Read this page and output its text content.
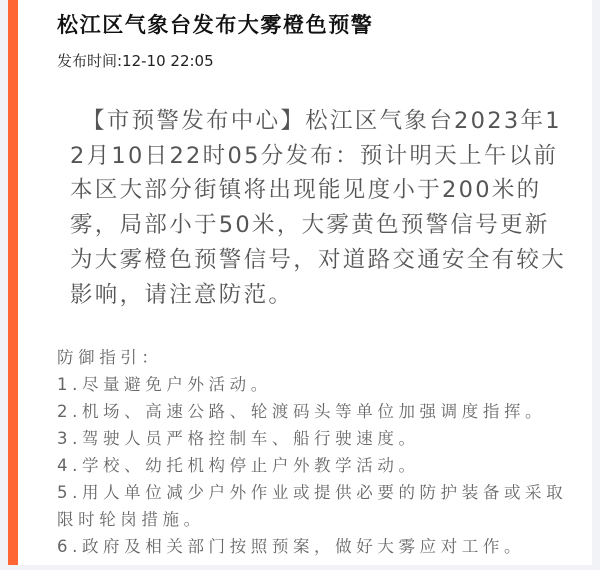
松江区气象台发布大雾橙色预警
发布时间:12-10 22:05
【市预警发布中心】松江区气象台2023年12月10日22时05分发布：预计明天上午以前本区大部分街镇将出现能见度小于200米的雾，局部小于50米，大雾黄色预警信号更新为大雾橙色预警信号，对道路交通安全有较大影响，请注意防范。

防御指引：

1.尽量避免户外活动。

2.机场、高速公路、轮渡码头等单位加强调度指挥。

3.驾驶人员严格控制车、船行驶速度。

4.学校、幼托机构停止户外教学活动。

5.用人单位减少户外作业或提供必要的防护装备或采取限时轮岗措施。

6.政府及相关部门按照预案，做好大雾应对工作。
